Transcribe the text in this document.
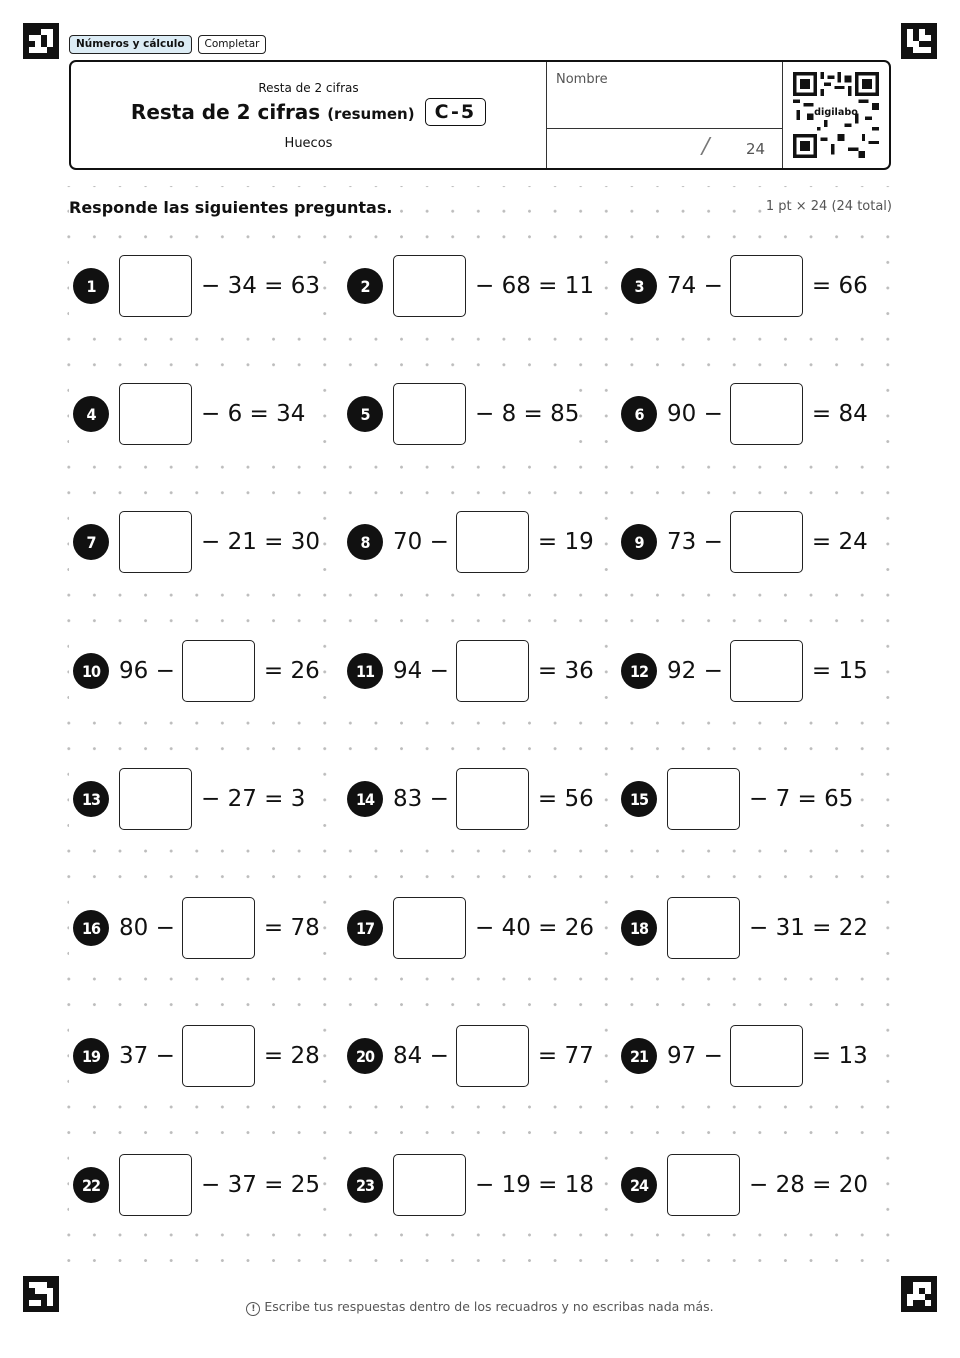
Números y cálculo	Completar
Resta de 2 cifras
Resta de 2 cifras (resumen)	C-5
Huecos
Nombre
/ 24
digilabo
Responde las siguientes preguntas.	1 pt × 24 (24 total)
1	− 34 = 63	2	− 68 = 11	3	74 −	= 66
4	− 6 = 34	5	− 8 = 85	6	90 −	= 84
7	− 21 = 30	8	70 −	= 19	9	73 −	= 24
10 96 −	= 26	11 94 −	= 36	12 92 −	= 15
13	− 27 = 3	14 83 −	= 56	15	− 7 = 65
16 80 −	= 78	17	− 40 = 26	18	− 31 = 22
19 37 −	= 28	20 84 −	= 77	21 97 −	= 13
22	− 37 = 25	23	− 19 = 18	24	− 28 = 20
! Escribe tus respuestas dentro de los recuadros y no escribas nada más.
